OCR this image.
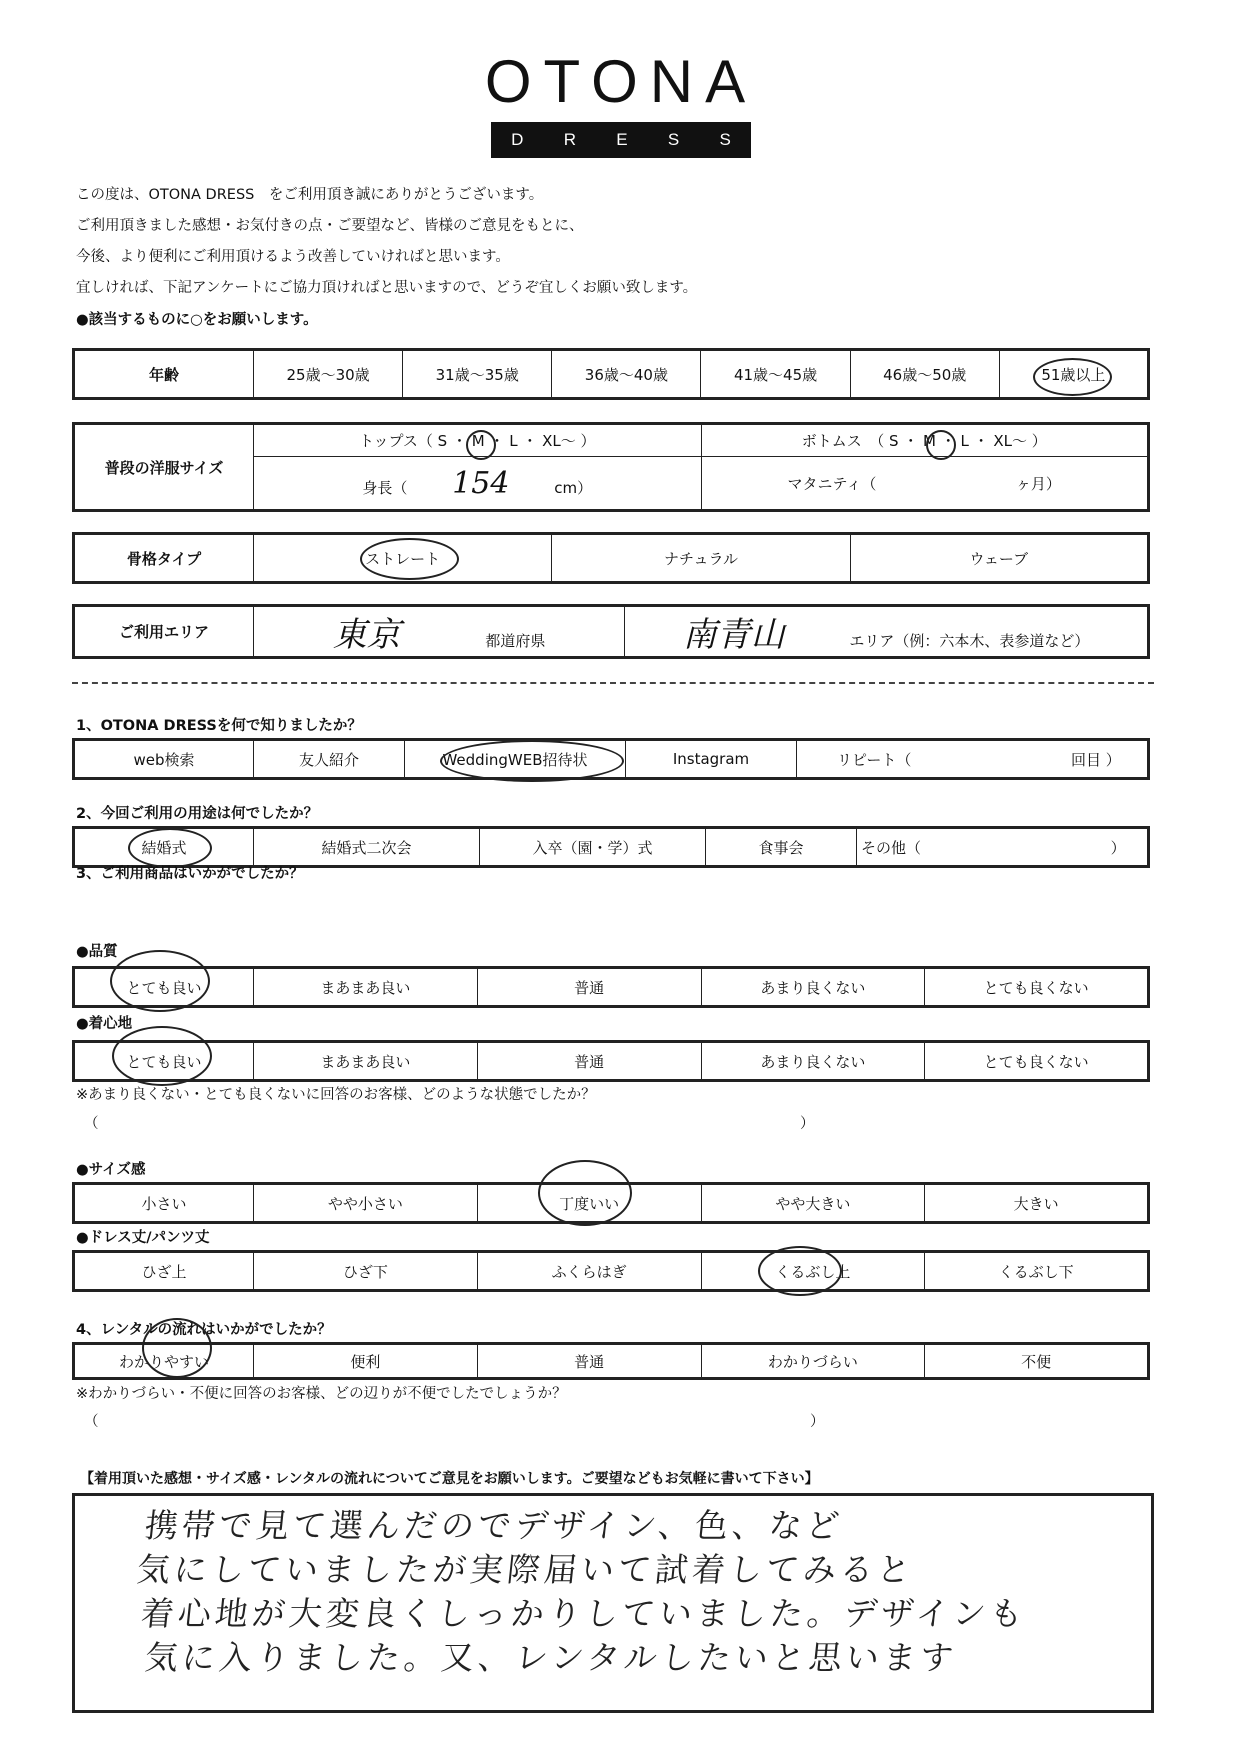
OTONA
D R E S S
この度は、OTONA DRESS　をご利用頂き誠にありがとうございます。
ご利用頂きました感想・お気付きの点・ご要望など、皆様のご意見をもとに、
今後、より便利にご利用頂けるよう改善していければと思います。
宜しければ、下記アンケートにご協力頂ければと思いますので、どうぞ宜しくお願い致します。
●該当するものに○をお願いします。
年齢	25歳〜30歳	31歳〜35歳	36歳〜40歳	41歳〜45歳	46歳〜50歳	51歳以上
普段の洋服サイズ	トップス（ S ・ M ・ L ・ XL〜 ）	ボトムス　（ S ・ M ・ L ・ XL〜 ）
	身長（ 154 cm）	マタニティ（ ヶ月）
骨格タイプ	ストレート	ナチュラル	ウェーブ
ご利用エリア	東京	都道府県	南青山	エリア（例：六本木、表参道など）
1、OTONA DRESSを何で知りましたか？
web検索	友人紹介	WeddingWEB招待状	Instagram	リピート（	回目 ）
2、今回ご利用の用途は何でしたか？
結婚式	結婚式二次会	入卒（園・学）式	食事会	その他（	）
3、ご利用商品はいかがでしたか？
●品質
とても良い	まあまあ良い	普通	あまり良くない	とても良くない
●着心地
とても良い	まあまあ良い	普通	あまり良くない	とても良くない
※あまり良くない・とても良くないに回答のお客様、どのような状態でしたか？
（	）
●サイズ感
小さい	やや小さい	丁度いい	やや大きい	大きい
●ドレス丈/パンツ丈
ひざ上	ひざ下	ふくらはぎ	くるぶし上	くるぶし下
4、レンタルの流れはいかがでしたか？
わかりやすい	便利	普通	わかりづらい	不便
※わかりづらい・不便に回答のお客様、どの辺りが不便でしたでしょうか？
（	）
【着用頂いた感想・サイズ感・レンタルの流れについてご意見をお願いします。ご要望などもお気軽に書いて下さい】
携帯で見て選んだのでデザイン、色、など
気にしていましたが実際届いて試着してみると
着心地が大変良くしっかりしていました。デザインも
気に入りました。又、レンタルしたいと思います
